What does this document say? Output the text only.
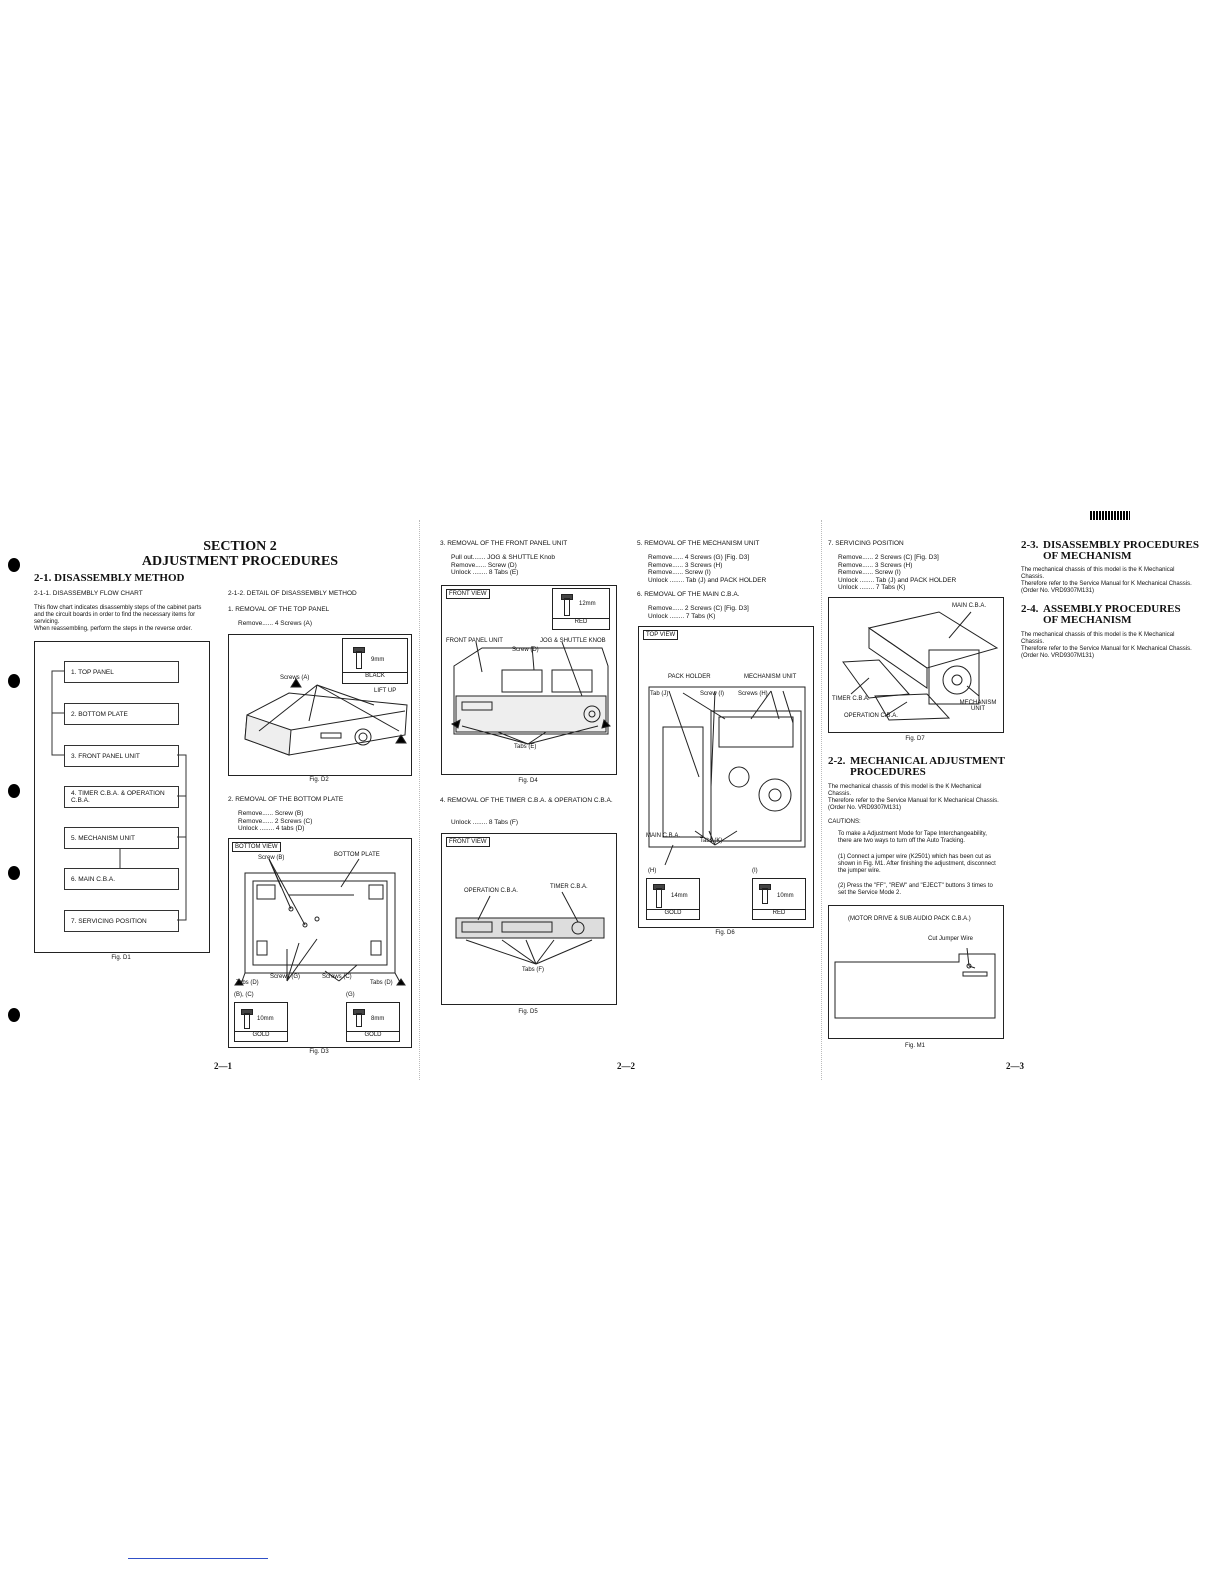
SECTION 2
ADJUSTMENT PROCEDURES
2-1. DISASSEMBLY METHOD
2-1-1. DISASSEMBLY FLOW CHART
This flow chart indicates disassembly steps of the cabinet parts and the circuit boards in order to find the necessary items for servicing.
When reassembling, perform the steps in the reverse order.
1. TOP PANEL
2. BOTTOM PLATE
3. FRONT PANEL UNIT
4. TIMER C.B.A. & OPERATION C.B.A.
5. MECHANISM UNIT
6. MAIN C.B.A.
7. SERVICING POSITION
Fig. D1
2—1
2-1-2. DETAIL OF DISASSEMBLY METHOD
1. REMOVAL OF THE TOP PANEL
Remove...... 4 Screws (A)
Screws (A)
9mm
BLACK
LIFT UP
Fig. D2
2. REMOVAL OF THE BOTTOM PLATE
Remove...... Screw (B)
Remove...... 2 Screws (C)
Unlock ........ 4 tabs (D)
BOTTOM VIEW
Screw (B)	BOTTOM PLATE
Tabs (D)
Screws (G)	Screws (C)
Tabs (D)
(B), (C)	(G)
10mm
GOLD
8mm
GOLD
Fig. D3
3. REMOVAL OF THE FRONT PANEL UNIT
Pull out....... JOG & SHUTTLE Knob
Remove...... Screw (D)
Unlock ........ 8 Tabs (E)
FRONT VIEW
12mm
RED
FRONT PANEL UNIT	JOG & SHUTTLE KNOB
Screw (D)
Tabs (E)
Fig. D4
4. REMOVAL OF THE TIMER C.B.A. & OPERATION C.B.A.
Unlock ........ 8 Tabs (F)
FRONT VIEW
OPERATION C.B.A.
TIMER C.B.A.
Tabs (F)
Fig. D5
2—2
5. REMOVAL OF THE MECHANISM UNIT
Remove...... 4 Screws (G) [Fig. D3]
Remove...... 3 Screws (H)
Remove...... Screw (I)
Unlock ........ Tab (J) and PACK HOLDER
6. REMOVAL OF THE MAIN C.B.A.
Remove...... 2 Screws (C) [Fig. D3]
Unlock ........ 7 Tabs (K)
TOP VIEW
PACK HOLDER	MECHANISM UNIT
Tab (J)	Screw (I) Screws (H)
MAIN C.B.A.
Tabs (K)
(H)	(I)
14mm
GOLD
10mm
RED
Fig. D6
7. SERVICING POSITION
Remove...... 2 Screws (C) [Fig. D3]
Remove...... 3 Screws (H)
Remove...... Screw (I)
Unlock ........ Tab (J) and PACK HOLDER
Unlock ........ 7 Tabs (K)
MAIN C.B.A.
TIMER C.B.A.
MECHANISM UNIT
OPERATION C.B.A.
Fig. D7
2-2. MECHANICAL ADJUSTMENT
PROCEDURES
The mechanical chassis of this model is the K Mechanical Chassis.
Therefore refer to the Service Manual for K Mechanical Chassis. (Order No. VRD9307M131)
CAUTIONS:
To make a Adjustment Mode for Tape Interchangeability, there are two ways to turn off the Auto Tracking.
(1) Connect a jumper wire (K2501) which has been cut as shown in Fig. M1. After finishing the adjustment, disconnect the jumper wire.
(2) Press the "FF", "REW" and "EJECT" buttons 3 times to set the Service Mode 2.
(MOTOR DRIVE & SUB AUDIO PACK C.B.A.)
Cut Jumper Wire
Fig. M1
2-3. DISASSEMBLY PROCEDURES
OF MECHANISM
The mechanical chassis of this model is the K Mechanical Chassis.
Therefore refer to the Service Manual for K Mechanical Chassis. (Order No. VRD9307M131)
2-4. ASSEMBLY PROCEDURES
OF MECHANISM
The mechanical chassis of this model is the K Mechanical Chassis.
Therefore refer to the Service Manual for K Mechanical Chassis. (Order No. VRD9307M131)
2—3
